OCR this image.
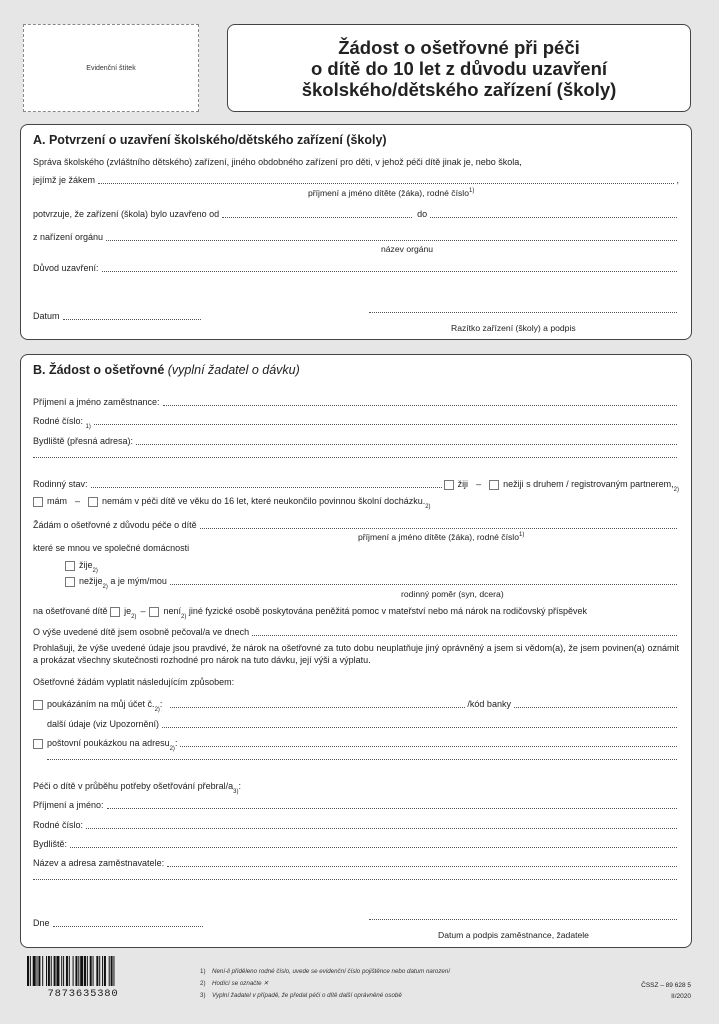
Evidenční štítek
Žádost o ošetřovné při péči
o dítě do 10 let z důvodu uzavření
školského/dětského zařízení (školy)
A. Potvrzení o uzavření školského/dětského zařízení (školy)
Správa školského (zvláštního dětského) zařízení, jiného obdobného zařízení pro děti, v jehož péči dítě jinak je, nebo škola,
jejímž je žákem	,
příjmení a jméno dítěte (žáka), rodné číslo$^{1)}$
potvrzuje, že zařízení (škola) bylo uzavřeno od	do
z nařízení orgánu
název orgánu
Důvod uzavření:
Datum
Razítko zařízení (školy) a podpis
B. Žádost o ošetřovné (vyplní žadatel o dávku)
Příjmení a jméno zaměstnance:
Rodné číslo:

1)
Bydliště (přesná adresa):
Rodinný stav:	žiji – nežiji s druhem / registrovaným partnerem,
2)
mám – nemám v péči dítě ve věku do 16 let, které neukončilo povinnou školní docházku.
2)
Žádám o ošetřovné z důvodu péče o dítě
příjmení a jméno dítěte (žáka), rodné číslo$^{1)}$
které se mnou ve společné domácnosti
žije
2)
nežije
2)

a je mým/mou
rodinný poměr (syn, dcera)
na ošetřované dítě
je
2)
– není
2)

jiné fyzické osobě poskytována peněžitá pomoc v mateřství nebo má nárok na rodičovský příspěvek
O výše uvedené dítě jsem osobně pečoval/a ve dnech
Prohlašuji, že výše uvedené údaje jsou pravdivé, že nárok na ošetřovné za tuto dobu neuplatňuje jiný oprávněný a jsem si vědom(a), že jsem povinen(a) oznámit a prokázat všechny skutečnosti rozhodné pro nárok na tuto dávku, její výši a výplatu.
Ošetřovné žádám vyplatit následujícím způsobem:
poukázáním na můj účet č.
2)
:	/kód banky
další údaje (viz Upozornění)
poštovní poukázkou na adresu
2)
:
Péči o dítě v průběhu potřeby ošetřování přebral/a
3)
:
Příjmení a jméno:
Rodné číslo:
Bydliště:
Název a adresa zaměstnavatele:
Dne
Datum a podpis zaměstnance, žadatele
7873635380
1) Není-li přiděleno rodné číslo, uvede se evidenční číslo pojištěnce nebo datum narození
2) Hodící se označte ✕
3) Vyplní žadatel v případě, že předal péči o dítě další oprávněné osobě
ČSSZ – 89 628 5
II/2020
